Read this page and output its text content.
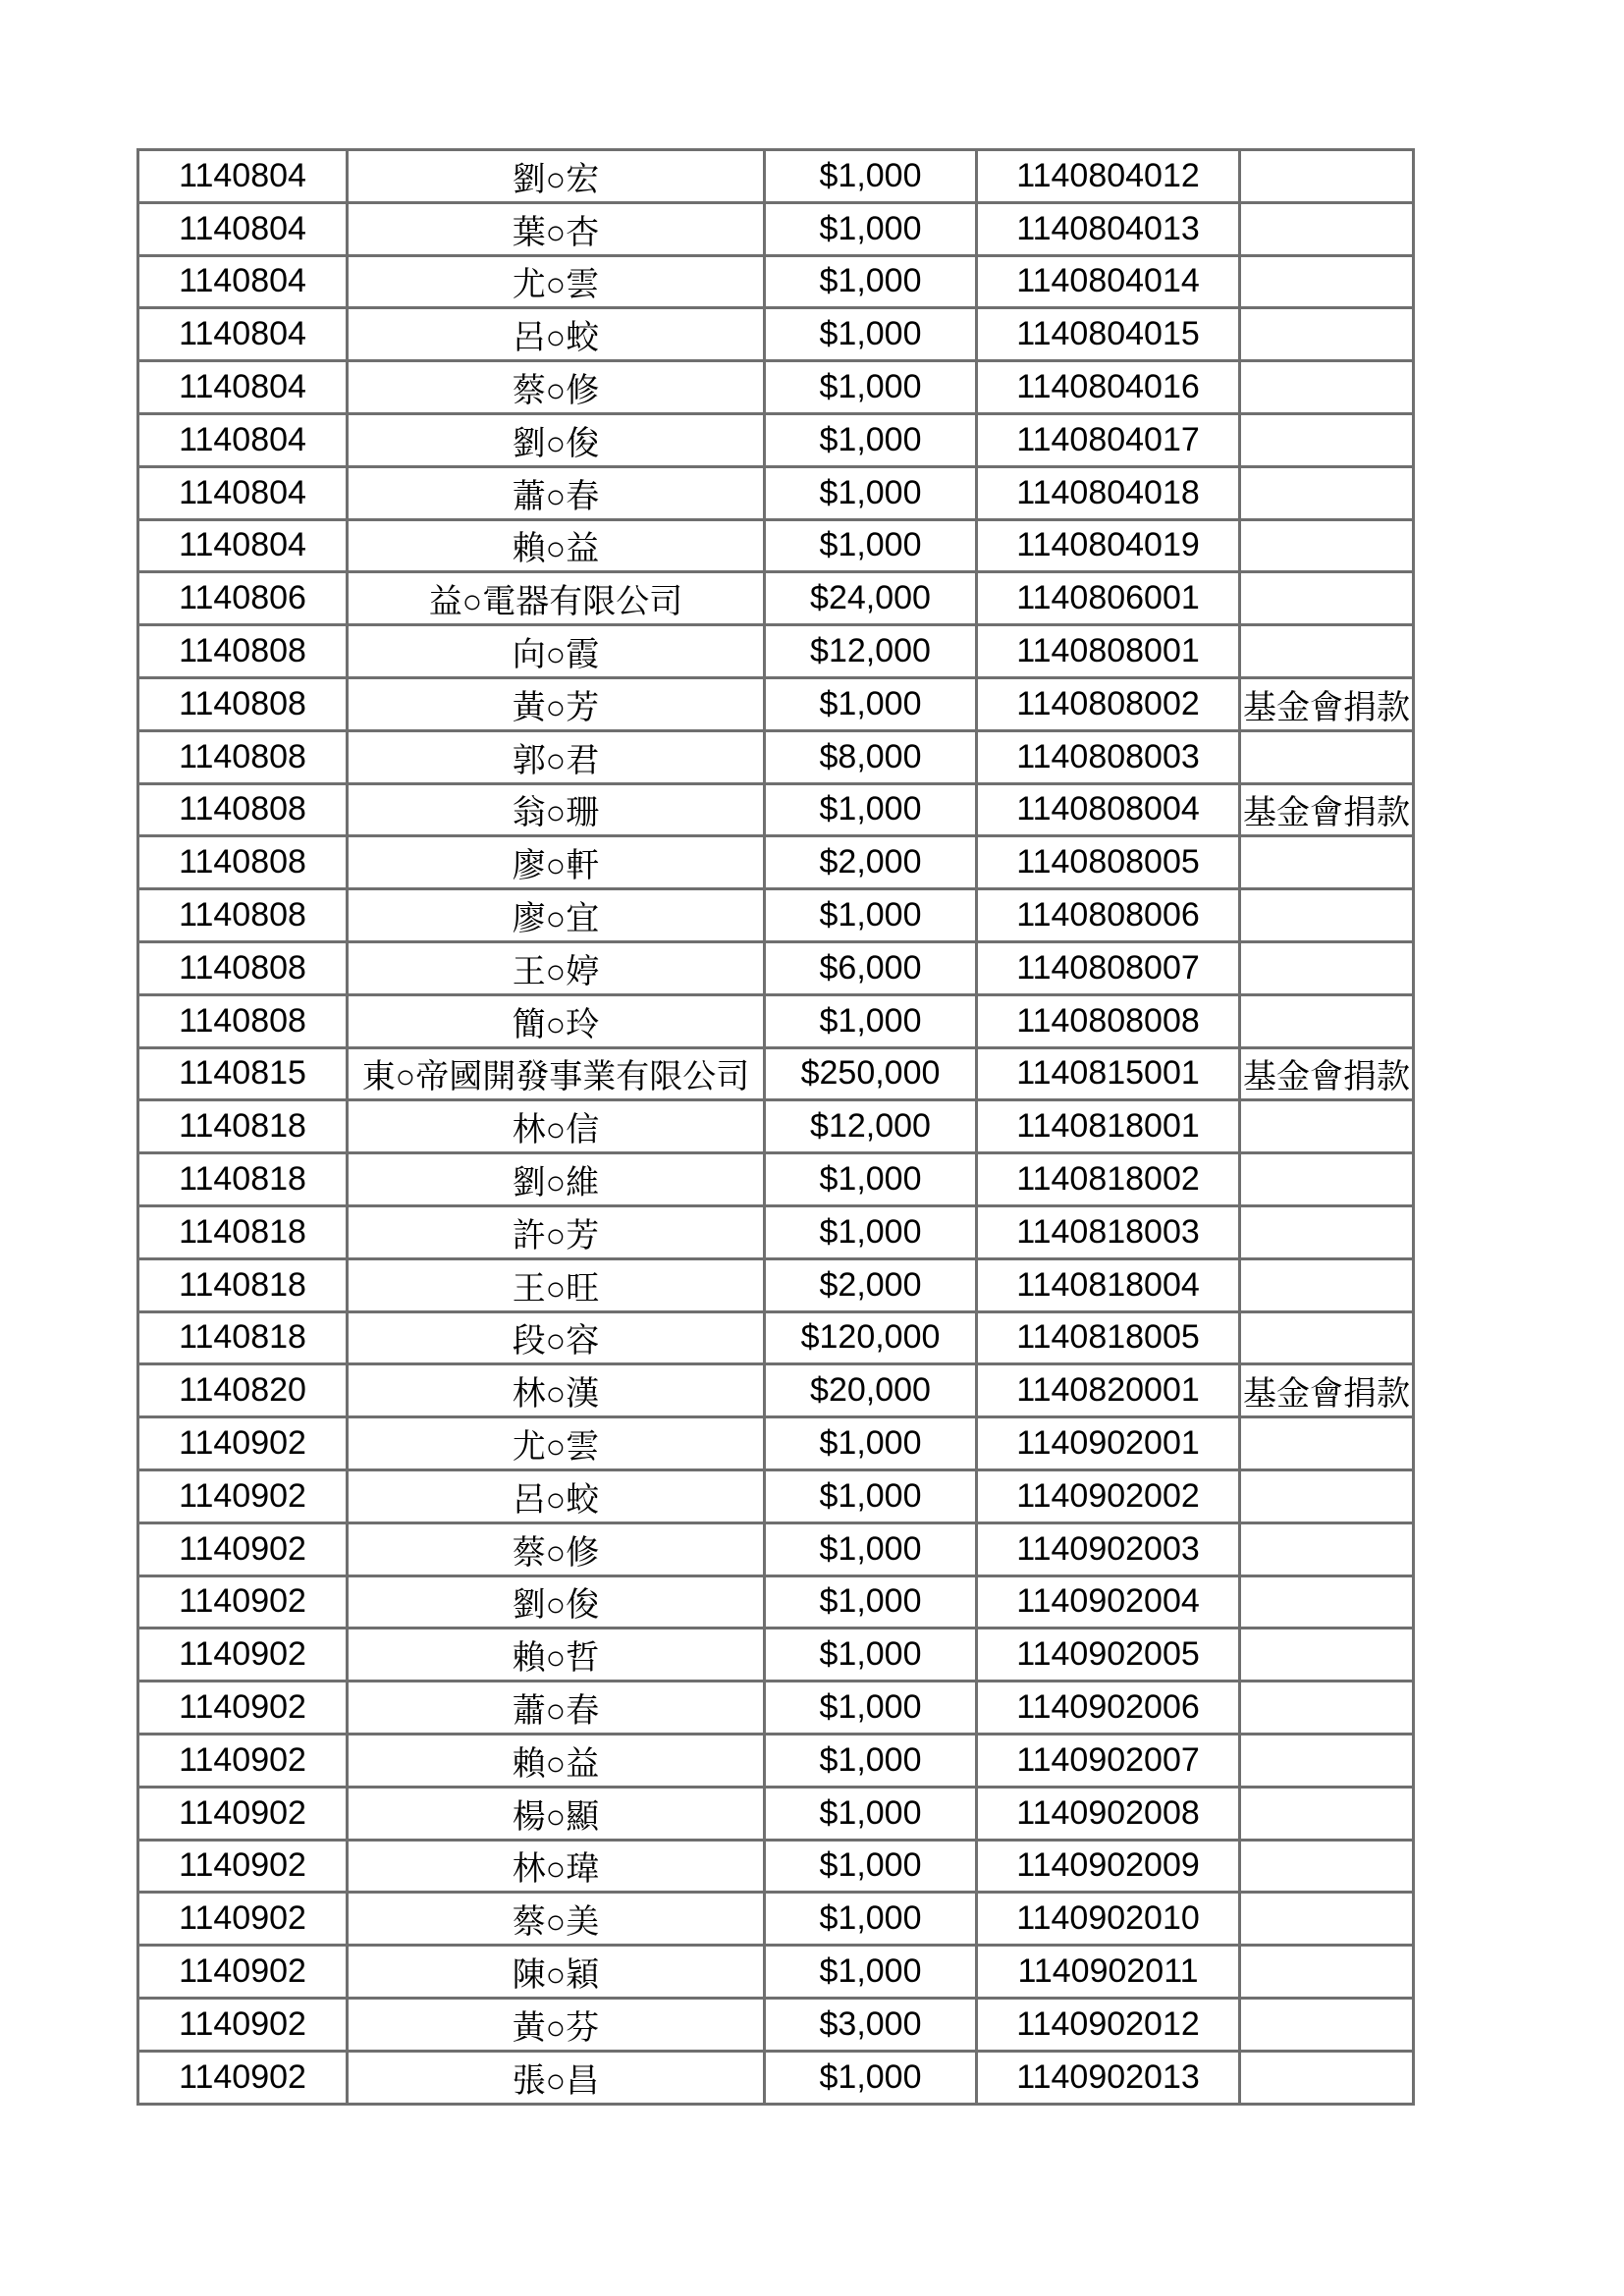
1140804	劉○宏	$1,000	1140804012	
1140804	葉○杏	$1,000	1140804013	
1140804	尤○雲	$1,000	1140804014	
1140804	呂○蛟	$1,000	1140804015	
1140804	蔡○修	$1,000	1140804016	
1140804	劉○俊	$1,000	1140804017	
1140804	蕭○春	$1,000	1140804018	
1140804	賴○益	$1,000	1140804019	
1140806	益○電器有限公司	$24,000	1140806001	
1140808	向○霞	$12,000	1140808001	
1140808	黃○芳	$1,000	1140808002	基金會捐款
1140808	郭○君	$8,000	1140808003	
1140808	翁○珊	$1,000	1140808004	基金會捐款
1140808	廖○軒	$2,000	1140808005	
1140808	廖○宜	$1,000	1140808006	
1140808	王○婷	$6,000	1140808007	
1140808	簡○玲	$1,000	1140808008	
1140815	東○帝國開發事業有限公司	$250,000	1140815001	基金會捐款
1140818	林○信	$12,000	1140818001	
1140818	劉○維	$1,000	1140818002	
1140818	許○芳	$1,000	1140818003	
1140818	王○旺	$2,000	1140818004	
1140818	段○容	$120,000	1140818005	
1140820	林○漢	$20,000	1140820001	基金會捐款
1140902	尤○雲	$1,000	1140902001	
1140902	呂○蛟	$1,000	1140902002	
1140902	蔡○修	$1,000	1140902003	
1140902	劉○俊	$1,000	1140902004	
1140902	賴○哲	$1,000	1140902005	
1140902	蕭○春	$1,000	1140902006	
1140902	賴○益	$1,000	1140902007	
1140902	楊○顯	$1,000	1140902008	
1140902	林○瑋	$1,000	1140902009	
1140902	蔡○美	$1,000	1140902010	
1140902	陳○穎	$1,000	1140902011	
1140902	黃○芬	$3,000	1140902012	
1140902	張○昌	$1,000	1140902013	
